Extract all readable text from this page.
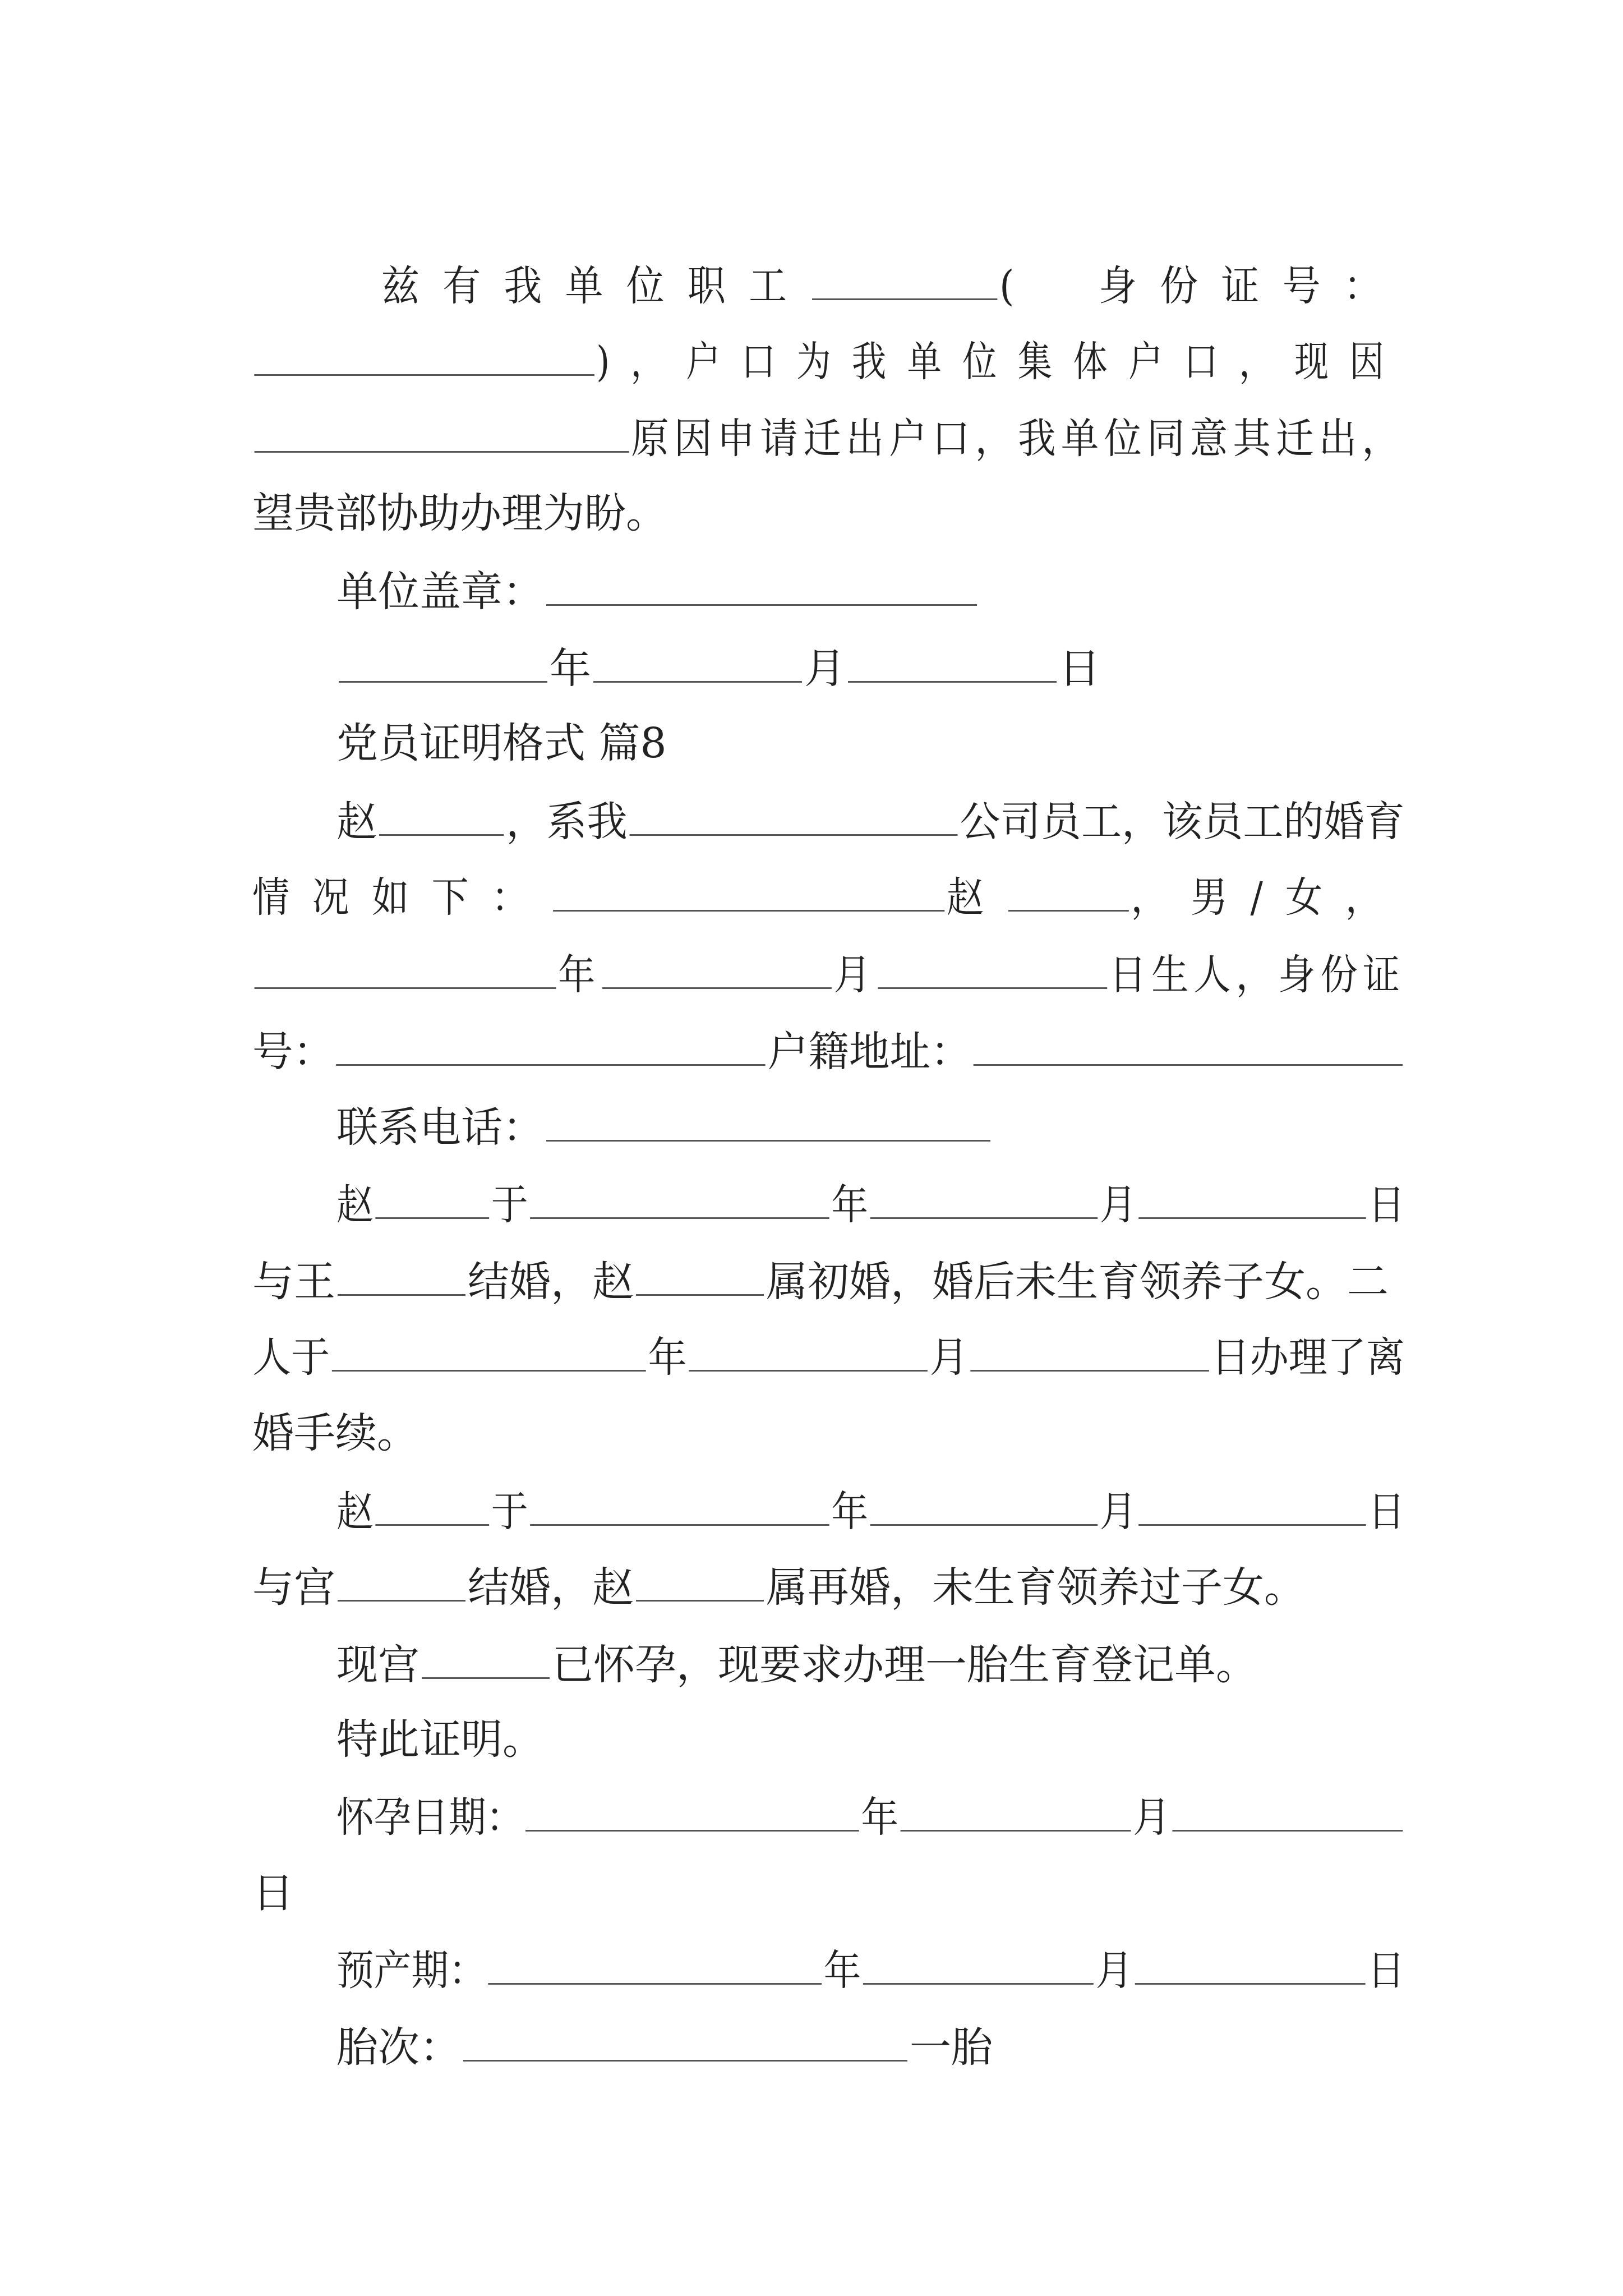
兹有我单位职工	(　身份证号：
)，户口为我单位集体户口，现因
原因申请迁出户口，我单位同意其迁出，
望贵部协助办理为盼。
单位盖章：
年	月	日
党员证明格式 篇8
赵	，系我	公司员工，该员工的婚育
情况如下：	赵	，男/女，
年	月	日生人，身份证
号：	户籍地址：
联系电话：
赵	于	年	月	日
与王	结婚，赵	属初婚，婚后未生育领养子女。二
人于	年	月	日办理了离
婚手续。
赵	于	年	月	日
与宫	结婚，赵	属再婚，未生育领养过子女。
现宫	已怀孕，现要求办理一胎生育登记单。
特此证明。
怀孕日期：	年	月
日
预产期：	年	月	日
胎次：	一胎
